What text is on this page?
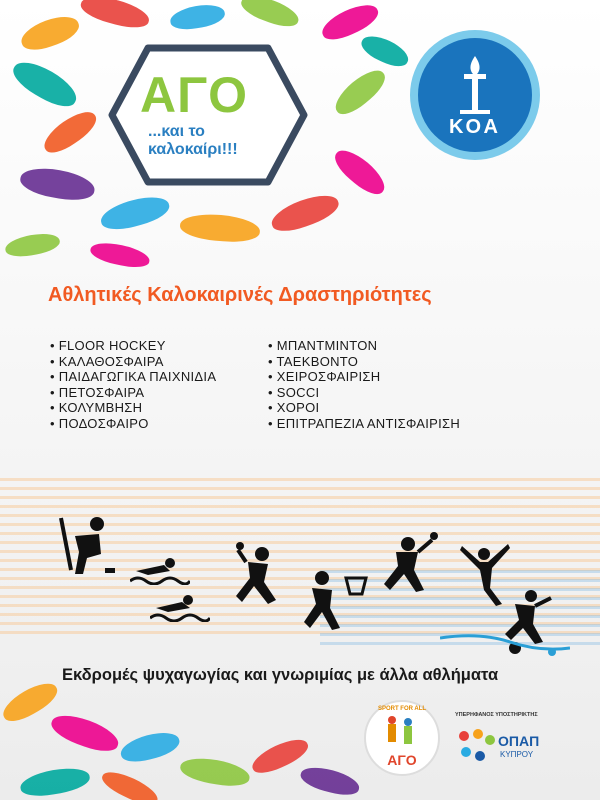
ΑΓΟ
...και το
καλοκαίρι!!!
ΚΟΑ
Αθλητικές Καλοκαιρινές Δραστηριότητες
• FLOOR HOCKEY
• ΚΑΛΑΘΟΣΦΑΙΡΑ
• ΠΑΙΔΑΓΩΓΙΚΑ ΠΑΙΧΝΙΔΙΑ
• ΠΕΤΟΣΦΑΙΡΑ
• ΚΟΛΥΜΒΗΣΗ
• ΠΟΔΟΣΦΑΙΡΟ
• ΜΠΑΝΤΜΙΝΤΟΝ
• ΤΑΕΚΒΟΝΤΟ
• ΧΕΙΡΟΣΦΑΙΡΙΣΗ
• SOCCI
• ΧΟΡΟΙ
• ΕΠΙΤΡΑΠΕΖΙΑ ΑΝΤΙΣΦΑΙΡΙΣΗ
Εκδρομές ψυχαγωγίας και γνωριμίας με άλλα αθλήματα
SPORT FOR ALL
ΑΓΟ
ΥΠΕΡΗΦΑΝΟΣ ΥΠΟΣΤΗΡΙΚΤΗΣ
ΟΠΑΠ
ΚΥΠΡΟΥ
